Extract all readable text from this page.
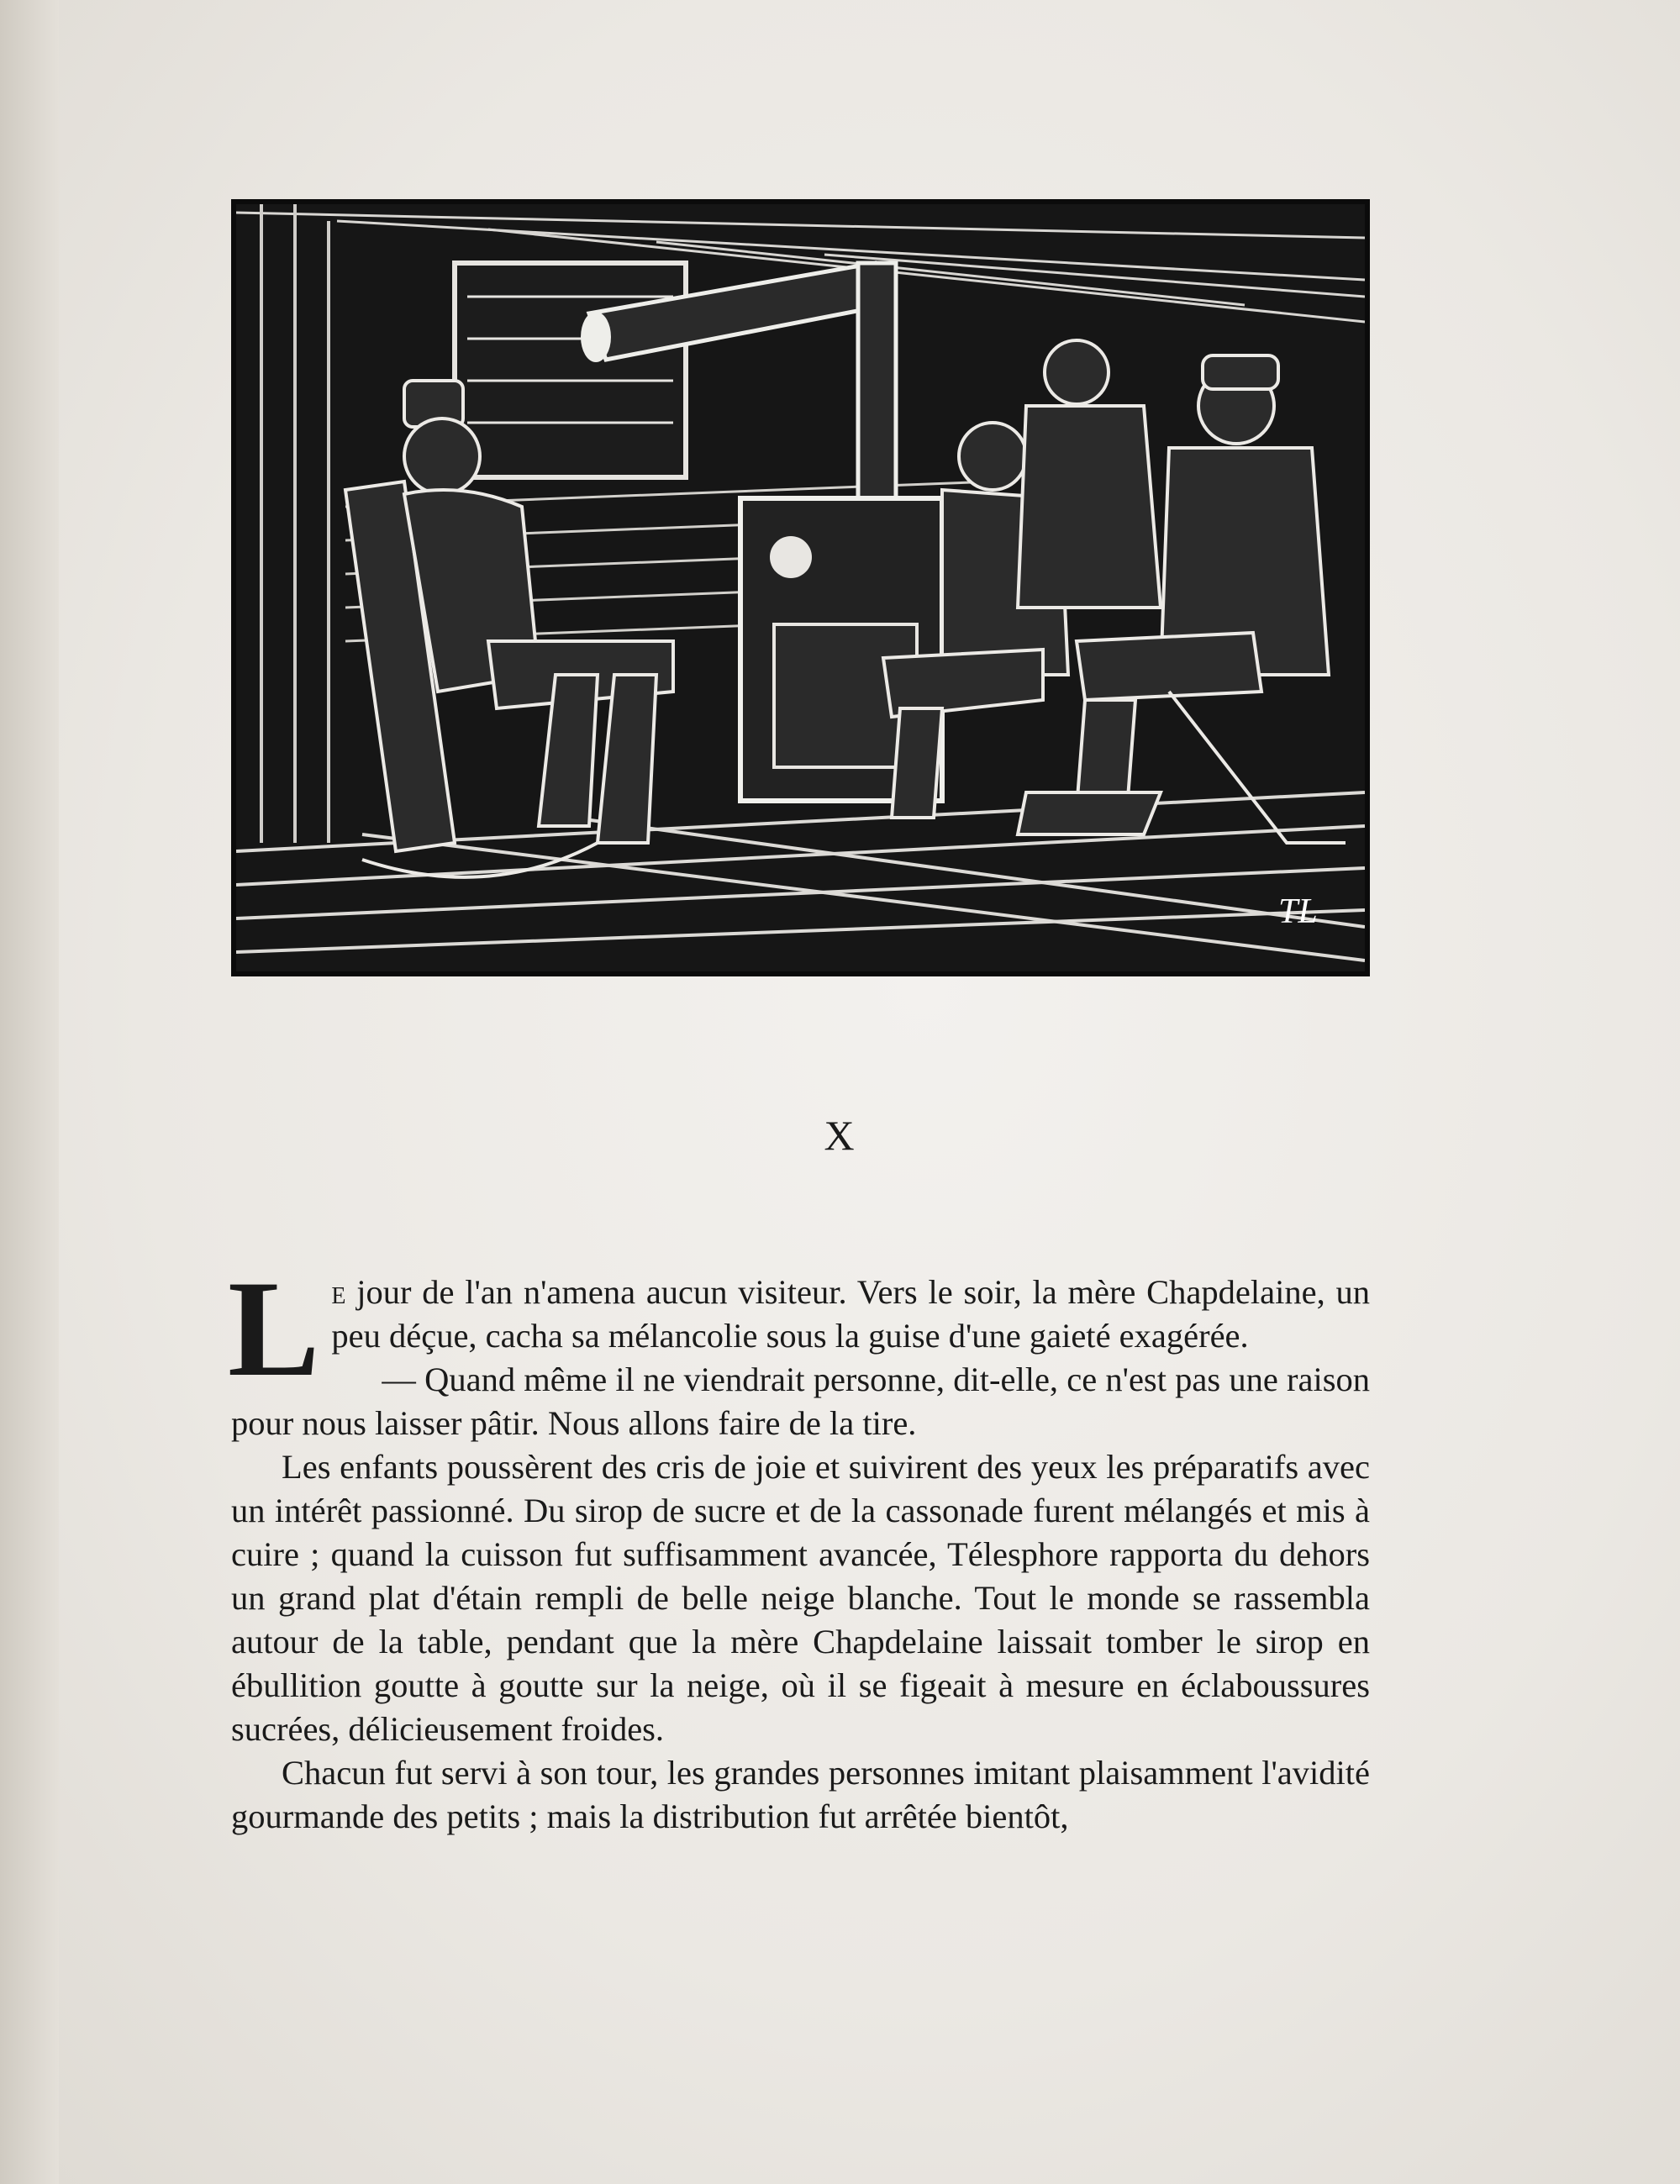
TL
X

Le jour de l'an n'amena aucun visiteur. Vers le soir, la mère Chapdelaine, un peu déçue, cacha sa mélancolie sous la guise d'une gaieté exagérée.

— Quand même il ne viendrait personne, dit-elle, ce n'est pas une raison pour nous laisser pâtir. Nous allons faire de la tire.

Les enfants poussèrent des cris de joie et suivirent des yeux les préparatifs avec un intérêt passionné. Du sirop de sucre et de la cassonade furent mélangés et mis à cuire ; quand la cuisson fut suffisamment avancée, Télesphore rapporta du dehors un grand plat d'étain rempli de belle neige blanche. Tout le monde se rassembla autour de la table, pendant que la mère Chapdelaine laissait tomber le sirop en ébullition goutte à goutte sur la neige, où il se figeait à mesure en éclaboussures sucrées, délicieusement froides.

Chacun fut servi à son tour, les grandes personnes imitant plaisamment l'avidité gourmande des petits ; mais la distribution fut arrêtée bientôt,
